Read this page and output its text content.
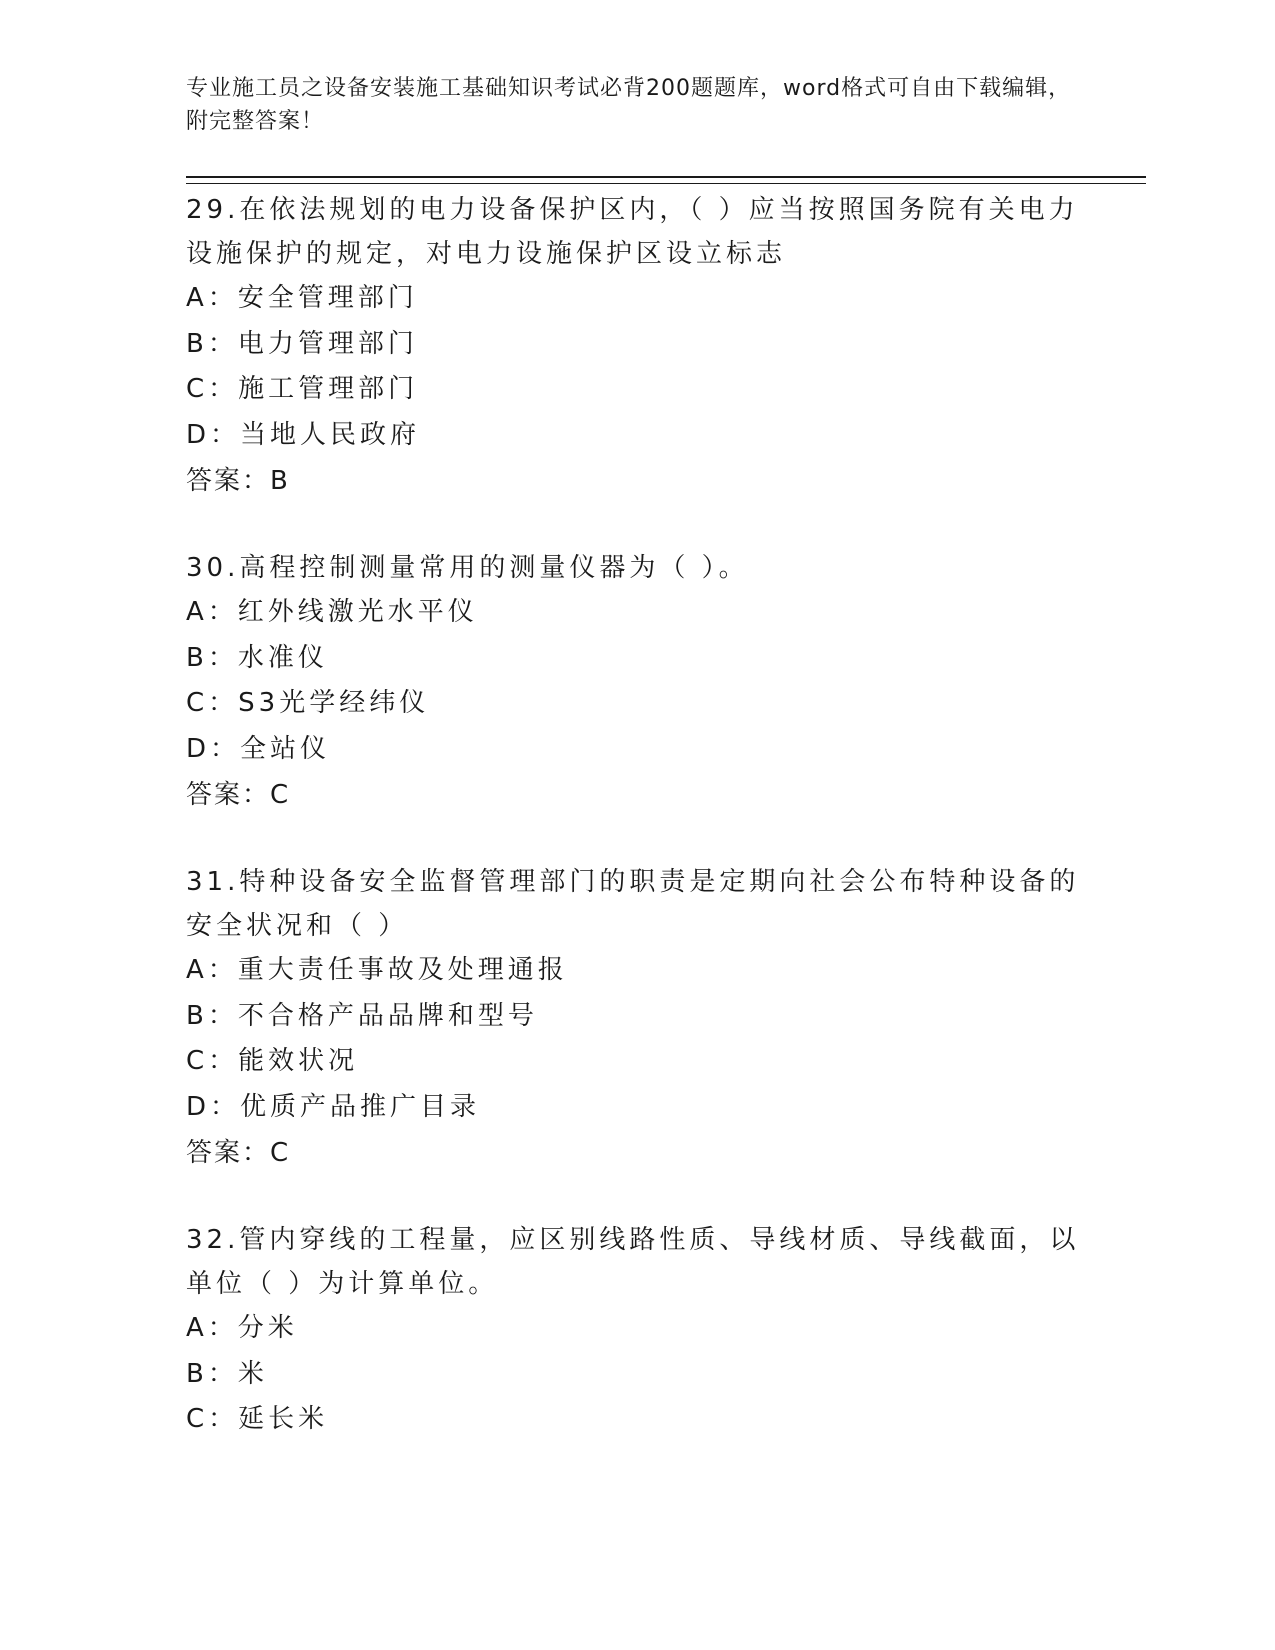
专业施工员之设备安装施工基础知识考试必背200题题库，word格式可自由下载编辑，附完整答案！
29.在依法规划的电力设备保护区内，（ ）应当按照国务院有关电力设施保护的规定，对电力设施保护区设立标志
A：安全管理部门
B：电力管理部门
C：施工管理部门
D：当地人民政府
答案：B
30.高程控制测量常用的测量仪器为（ ）。
A：红外线激光水平仪
B：水准仪
C：S3光学经纬仪
D：全站仪
答案：C
31.特种设备安全监督管理部门的职责是定期向社会公布特种设备的安全状况和（ ）
A：重大责任事故及处理通报
B：不合格产品品牌和型号
C：能效状况
D：优质产品推广目录
答案：C
32.管内穿线的工程量，应区别线路性质、导线材质、导线截面，以单位（ ）为计算单位。
A：分米
B：米
C：延长米
